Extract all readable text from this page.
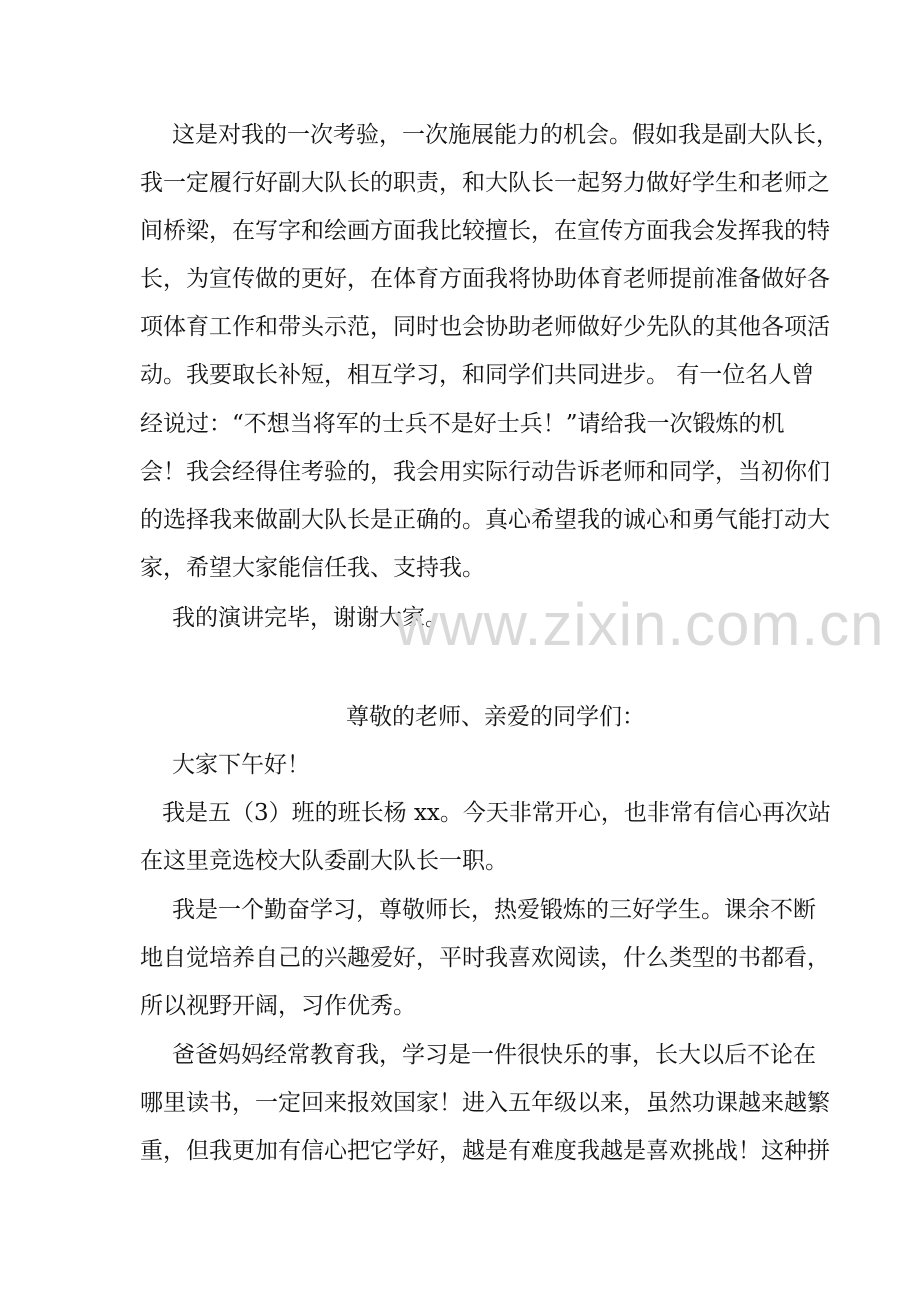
这是对我的一次考验，一次施展能力的机会。假如我是副大队长，
我一定履行好副大队长的职责，和大队长一起努力做好学生和老师之
间桥梁，在写字和绘画方面我比较擅长，在宣传方面我会发挥我的特
长，为宣传做的更好，在体育方面我将协助体育老师提前准备做好各
项体育工作和带头示范，同时也会协助老师做好少先队的其他各项活
动。我要取长补短，相互学习，和同学们共同进步。 有一位名人曾
经说过：“不想当将军的士兵不是好士兵！”请给我一次锻炼的机
会！我会经得住考验的，我会用实际行动告诉老师和同学，当初你们
的选择我来做副大队长是正确的。真心希望我的诚心和勇气能打动大
家，希望大家能信任我、支持我。
我的演讲完毕，谢谢大家。
www.zixin.com.cn
尊敬的老师、亲爱的同学们：
大家下午好！
我是五（3）班的班长杨 xx。今天非常开心，也非常有信心再次站
在这里竞选校大队委副大队长一职。
我是一个勤奋学习，尊敬师长，热爱锻炼的三好学生。课余不断
地自觉培养自己的兴趣爱好，平时我喜欢阅读，什么类型的书都看，
所以视野开阔，习作优秀。
爸爸妈妈经常教育我，学习是一件很快乐的事，长大以后不论在
哪里读书，一定回来报效国家！进入五年级以来，虽然功课越来越繁
重，但我更加有信心把它学好，越是有难度我越是喜欢挑战！这种拼
